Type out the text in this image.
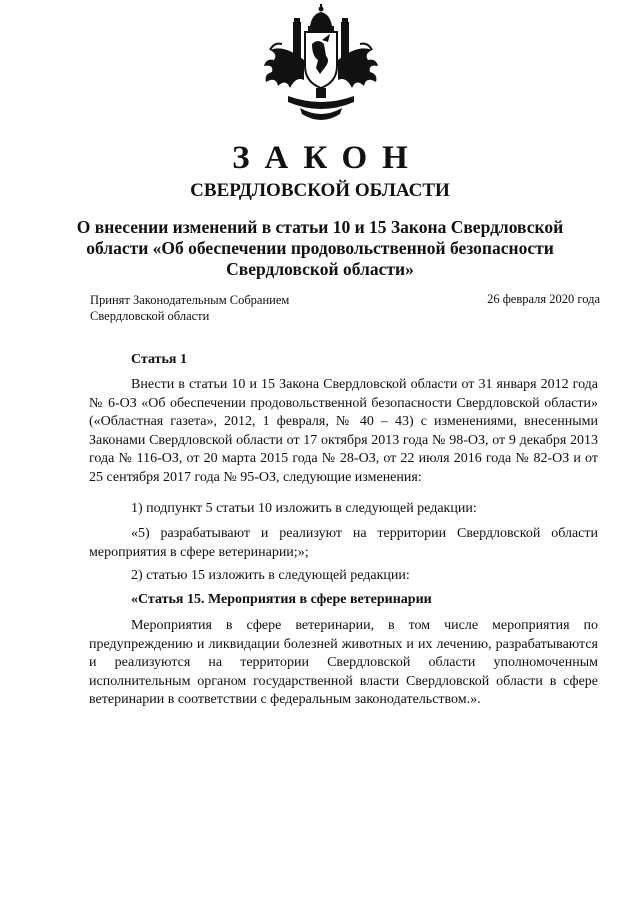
ЗАКОН
СВЕРДЛОВСКОЙ ОБЛАСТИ
О внесении изменений в статьи 10 и 15 Закона Свердловской области «Об обеспечении продовольственной безопасности Свердловской области»
Принят Законодательным Собранием
Свердловской области
26 февраля 2020 года
Статья 1

Внести в статьи 10 и 15 Закона Свердловской области от 31 января 2012 года № 6-ОЗ «Об обеспечении продовольственной безопасности Свердловской области» («Областная газета», 2012, 1 февраля, № 40 – 43) с изменениями, внесенными Законами Свердловской области от 17 октября 2013 года № 98-ОЗ, от 9 декабря 2013 года № 116-ОЗ, от 20 марта 2015 года № 28-ОЗ, от 22 июля 2016 года № 82-ОЗ и от 25 сентября 2017 года № 95-ОЗ, следующие изменения:

1) подпункт 5 статьи 10 изложить в следующей редакции:

«5) разрабатывают и реализуют на территории Свердловской области мероприятия в сфере ветеринарии;»;

2) статью 15 изложить в следующей редакции:

«Статья 15. Мероприятия в сфере ветеринарии

Мероприятия в сфере ветеринарии, в том числе мероприятия по предупреждению и ликвидации болезней животных и их лечению, разрабатываются и реализуются на территории Свердловской области уполномоченным исполнительным органом государственной власти Свердловской области в сфере ветеринарии в соответствии с федеральным законодательством.».
